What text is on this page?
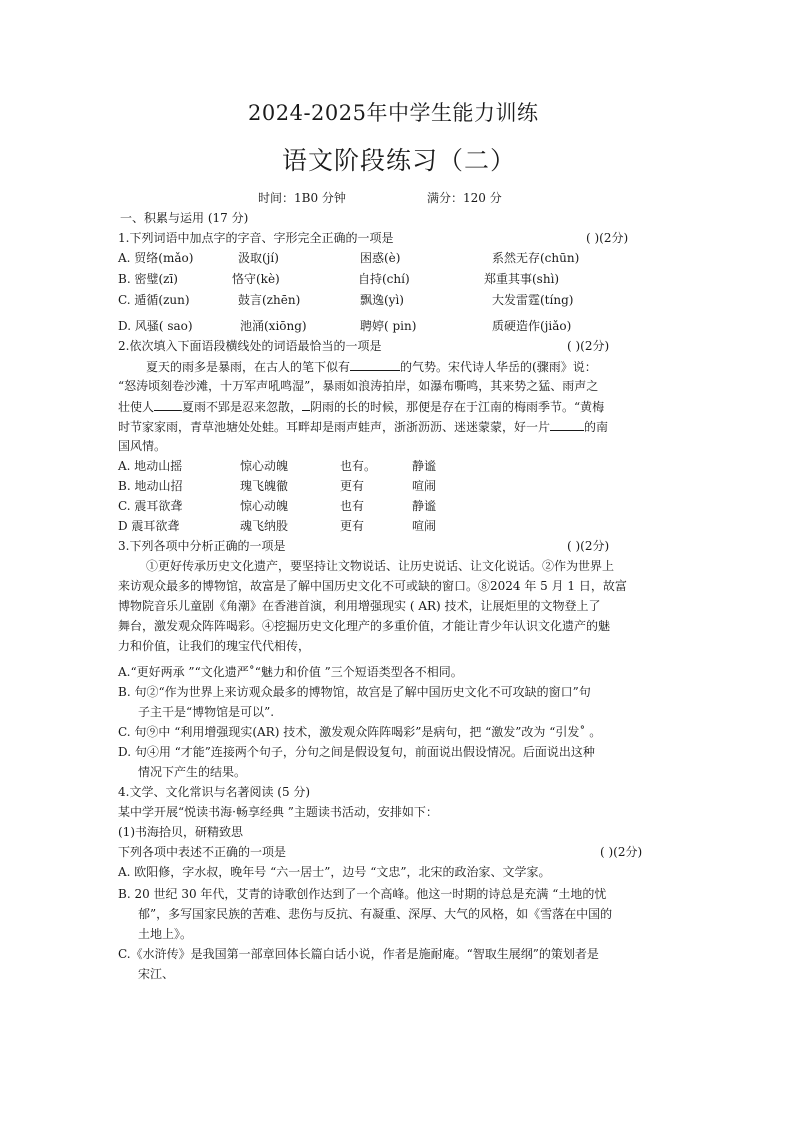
2024-2025年中学生能力训练
语文阶段练习（二）
时间：1B0 分钟	满分：120 分
一、积累与运用 (17 分)
1.下列词语中加点字的字音、字形完全正确的一项是	( )(2分)
A. 贸络(mǎo)	汲取(jí)	困惑(è)	系然无存(chūn)
B. 密璧(zī)	恪守(kè)	自持(chí)	郑重其事(shì)
C. 遁循(zun)	鼓言(zhēn)	飘逸(yì)	大发雷霆(tíng)
D. 风骚( sao)	池涌(xiōng)	聘婷( pin)	质硬造作(jiǎo)
2.依次填入下面语段横线处的词语最恰当的一项是	( )(2分)
夏天的雨多是暴雨，在古人的笔下似有	的气势。宋代诗人华岳的(骤雨》说：
“怒涛顷刻卷沙滩，十万军声吼鸣湿”，暴雨如浪涛拍岸，如瀑布嘶鸣，其来势之猛、雨声之
壮使人 夏雨不郢是忍来忽散， 阴雨的长的时候，那便是存在于江南的梅雨季节。“黄梅
时节家家雨，青草池塘处处蛙。耳畔却是雨声蛙声，浙浙沥沥、迷迷蒙蒙，好一片	的南
国风情。
A. 地动山摇	惊心动魄	也有。	静谧
B. 地动山招	瑰飞魄徹	更有	喧闹
C. 震耳欲聋	惊心动魄	也有	静谧
D 震耳欲聋	魂飞纳股	更有	喧闹
3.下列各项中分析正确的一项是	( )(2分)
①更好传承历史文化遗产，要坚持让文物说话、让历史说话、让文化说话。②作为世界上
来访观众最多的博物馆，故富是了解中国历史文化不可或缺的窗口。⑧2024 年 5 月 1 日，故富
博物院音乐儿童剧《角潮》在香港首演，利用增强现实 ( AR) 技术，让展炬里的文物登上了
舞台，激发观众阵阵喝彩。④挖掘历史文化理产的多重价值，才能让青少年认识文化遗产的魅
力和价值，让我们的瑰宝代代相传，
A.“更好两承 ”“文化遗严˚“魅力和价值 ”三个短语类型各不相同。
B. 句②“作为世界上来访观众最多的博物馆，故宫是了解中国历史文化不可攻缺的窗口”句
子主干是“博物馆是可以”.
C. 句⑨中 “利用增强现实(AR) 技术，激发观众阵阵喝彩”是病句，把 “激发”改为 “引发˚ 。
D. 句④用 “才能”连接两个句子，分句之间是假设复句，前面说出假设情况。后面说出这种
情况下产生的结果。
4.文学、文化常识与名著阅读 (5 分)
某中学开展“悦读书海·畅享经典 ”主题读书活动，安排如下：
(1)书海拾贝，研精致思
下列各项中表述不正确的一项是	( )(2分)
A. 欧阳修，字水叔，晚年号 “六一居士”，边号 “文忠”，北宋的政治家、文学家。
B. 20 世纪 30 年代，艾青的诗歌创作达到了一个高峰。他这一时期的诗总是充满 “土地的忧
郁”，多写国家民族的苦难、悲伤与反抗、有凝重、深厚、大气的风格，如《雪落在中国的
土地上》。
C.《水浒传》是我国第一部章回体长篇白话小说，作者是施耐庵。“智取生展纲”的策划者是
宋江、
